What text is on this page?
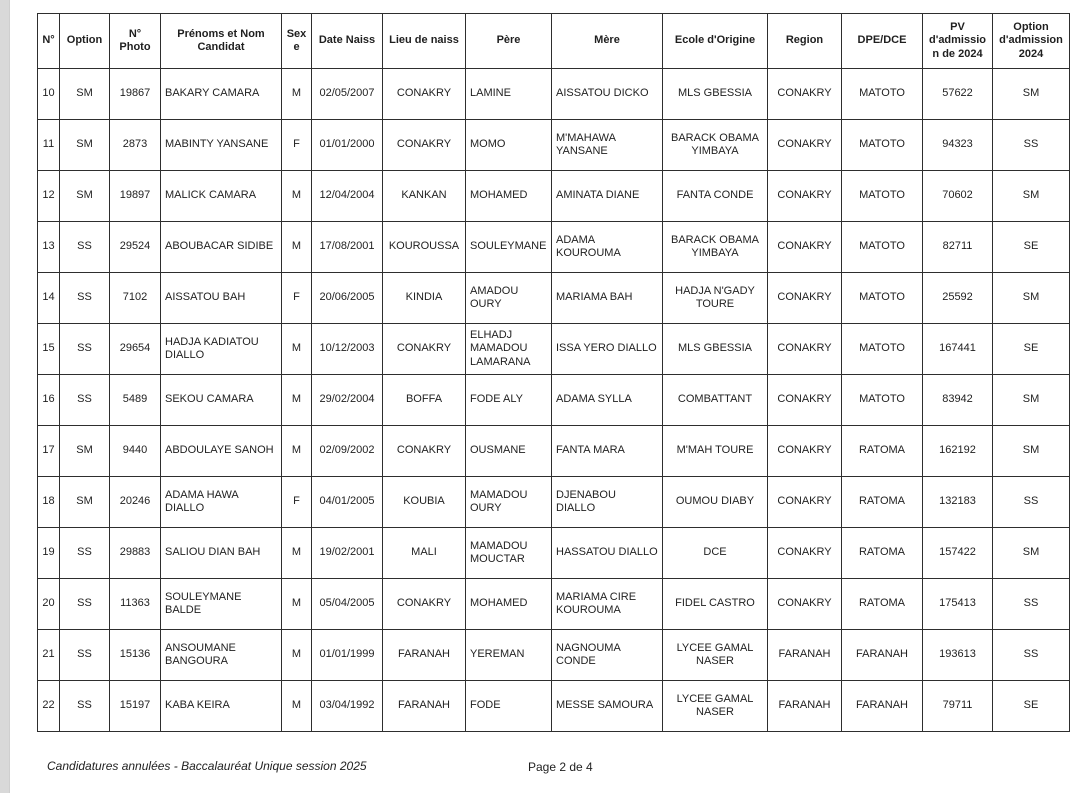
N°	Option	N° Photo	Prénoms et Nom Candidat	Sexe	Date Naiss	Lieu de naiss	Père	Mère	Ecole d'Origine	Region	DPE/DCE	PV d'admission de 2024	Option d'admission 2024
10	SM	19867	BAKARY CAMARA	M	02/05/2007	CONAKRY	LAMINE	AISSATOU DICKO	MLS GBESSIA	CONAKRY	MATOTO	57622	SM
11	SM	2873	MABINTY YANSANE	F	01/01/2000	CONAKRY	MOMO	M'MAHAWA YANSANE	BARACK OBAMA YIMBAYA	CONAKRY	MATOTO	94323	SS
12	SM	19897	MALICK CAMARA	M	12/04/2004	KANKAN	MOHAMED	AMINATA DIANE	FANTA CONDE	CONAKRY	MATOTO	70602	SM
13	SS	29524	ABOUBACAR SIDIBE	M	17/08/2001	KOUROUSSA	SOULEYMANE	ADAMA KOUROUMA	BARACK OBAMA YIMBAYA	CONAKRY	MATOTO	82711	SE
14	SS	7102	AISSATOU BAH	F	20/06/2005	KINDIA	AMADOU OURY	MARIAMA BAH	HADJA N'GADY TOURE	CONAKRY	MATOTO	25592	SM
15	SS	29654	HADJA KADIATOU DIALLO	M	10/12/2003	CONAKRY	ELHADJ MAMADOU LAMARANA	ISSA YERO DIALLO	MLS GBESSIA	CONAKRY	MATOTO	167441	SE
16	SS	5489	SEKOU CAMARA	M	29/02/2004	BOFFA	FODE ALY	ADAMA SYLLA	COMBATTANT	CONAKRY	MATOTO	83942	SM
17	SM	9440	ABDOULAYE SANOH	M	02/09/2002	CONAKRY	OUSMANE	FANTA MARA	M'MAH TOURE	CONAKRY	RATOMA	162192	SM
18	SM	20246	ADAMA HAWA DIALLO	F	04/01/2005	KOUBIA	MAMADOU OURY	DJENABOU DIALLO	OUMOU DIABY	CONAKRY	RATOMA	132183	SS
19	SS	29883	SALIOU DIAN BAH	M	19/02/2001	MALI	MAMADOU MOUCTAR	HASSATOU DIALLO	DCE	CONAKRY	RATOMA	157422	SM
20	SS	11363	SOULEYMANE BALDE	M	05/04/2005	CONAKRY	MOHAMED	MARIAMA CIRE KOUROUMA	FIDEL CASTRO	CONAKRY	RATOMA	175413	SS
21	SS	15136	ANSOUMANE BANGOURA	M	01/01/1999	FARANAH	YEREMAN	NAGNOUMA CONDE	LYCEE GAMAL NASER	FARANAH	FARANAH	193613	SS
22	SS	15197	KABA KEIRA	M	03/04/1992	FARANAH	FODE	MESSE SAMOURA	LYCEE GAMAL NASER	FARANAH	FARANAH	79711	SE
Candidatures annulées - Baccalauréat Unique session 2025	Page 2 de 4
